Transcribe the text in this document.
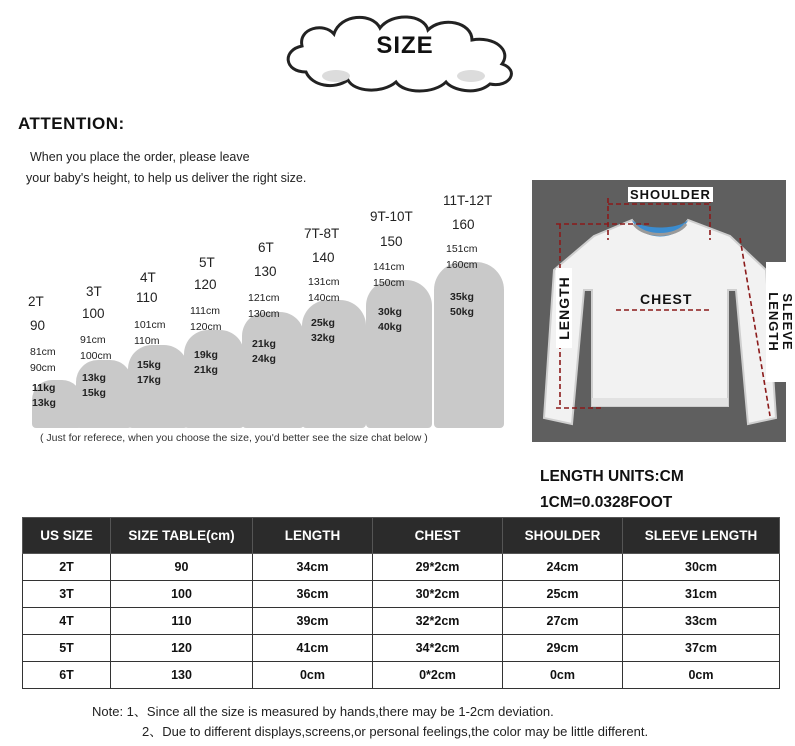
SIZE
ATTENTION:
When you place the order, please leave
your baby's height, to help us deliver the right size.
2T
90
81cm
90cm
11kg
13kg
3T
100
91cm
100cm
13kg
15kg
4T
110
101cm
110m
15kg
17kg
5T
120
111cm
120cm
19kg
21kg
6T
130
121cm
130cm
21kg
24kg
7T-8T
140
131cm
140cm
25kg
32kg
9T-10T
150
141cm
150cm
30kg
40kg
11T-12T
160
151cm
160cm
35kg
50kg
( Just for referece, when you choose the size, you'd better see the size chat below )
SHOULDER
CHEST
LENGTH	SLEEVE LENGTH
LENGTH UNITS:CM
1CM=0.0328FOOT
US SIZE	SIZE TABLE(cm)	LENGTH	CHEST	SHOULDER	SLEEVE LENGTH
2T	90	34cm	29*2cm	24cm	30cm
3T	100	36cm	30*2cm	25cm	31cm
4T	110	39cm	32*2cm	27cm	33cm
5T	120	41cm	34*2cm	29cm	37cm
6T	130	0cm	0*2cm	0cm	0cm
Note: 1、Since all the size is measured by hands,there may be 1-2cm deviation.
2、Due to different displays,screens,or personal feelings,the color may be little different.
